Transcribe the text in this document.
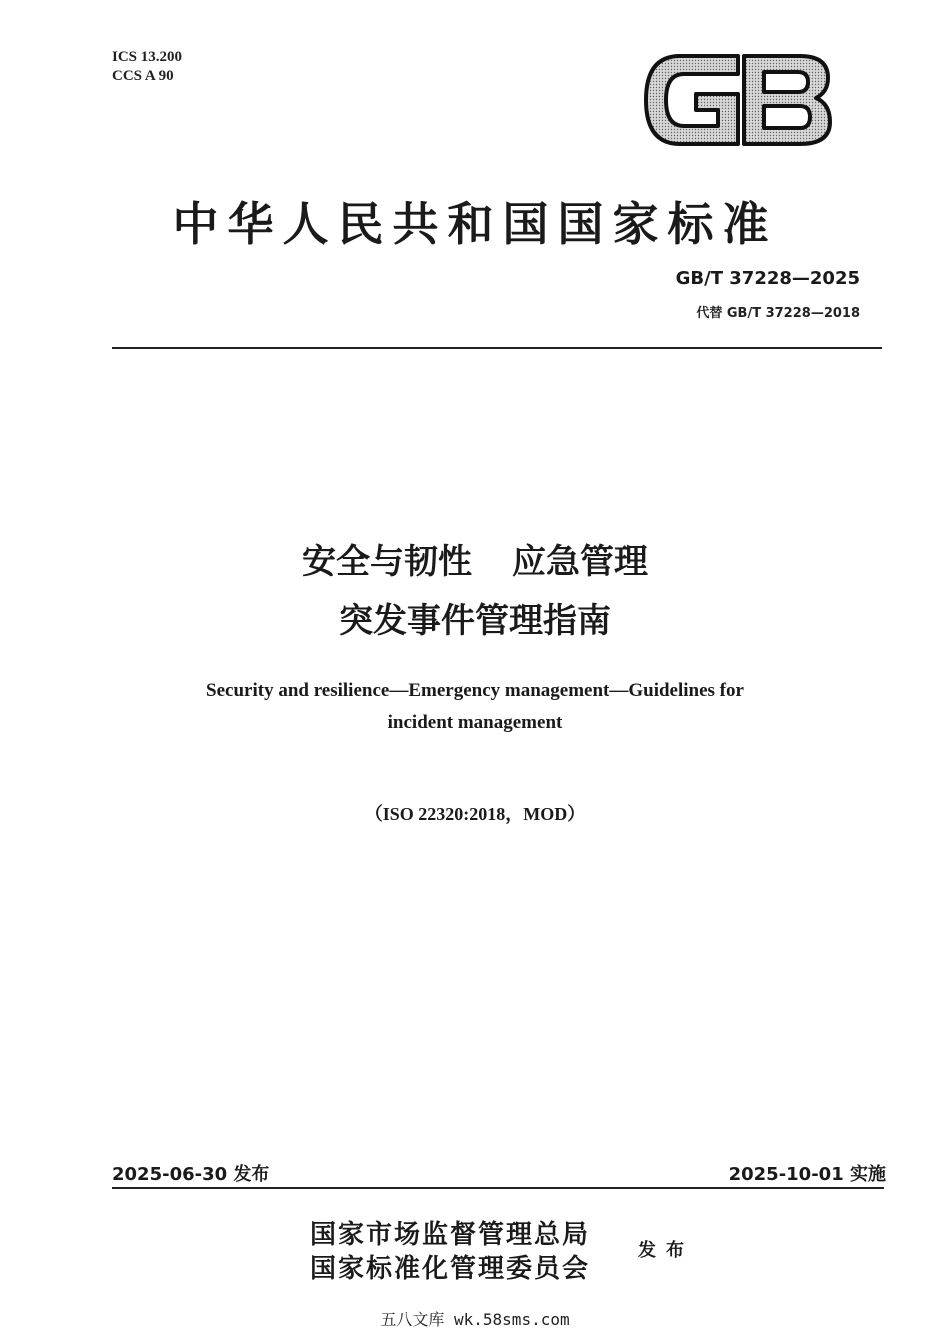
ICS 13.200
CCS A 90
中华人民共和国国家标准
GB/T 37228—2025
代替 GB/T 37228—2018
安全与韧性 应急管理
突发事件管理指南
Security and resilience—Emergency management—Guidelines for
incident management
（ISO 22320:2018，MOD）
2025-06-30 发布	2025-10-01 实施
国家市场监督管理总局
国家标准化管理委员会
发布
五八文库 wk.58sms.com
